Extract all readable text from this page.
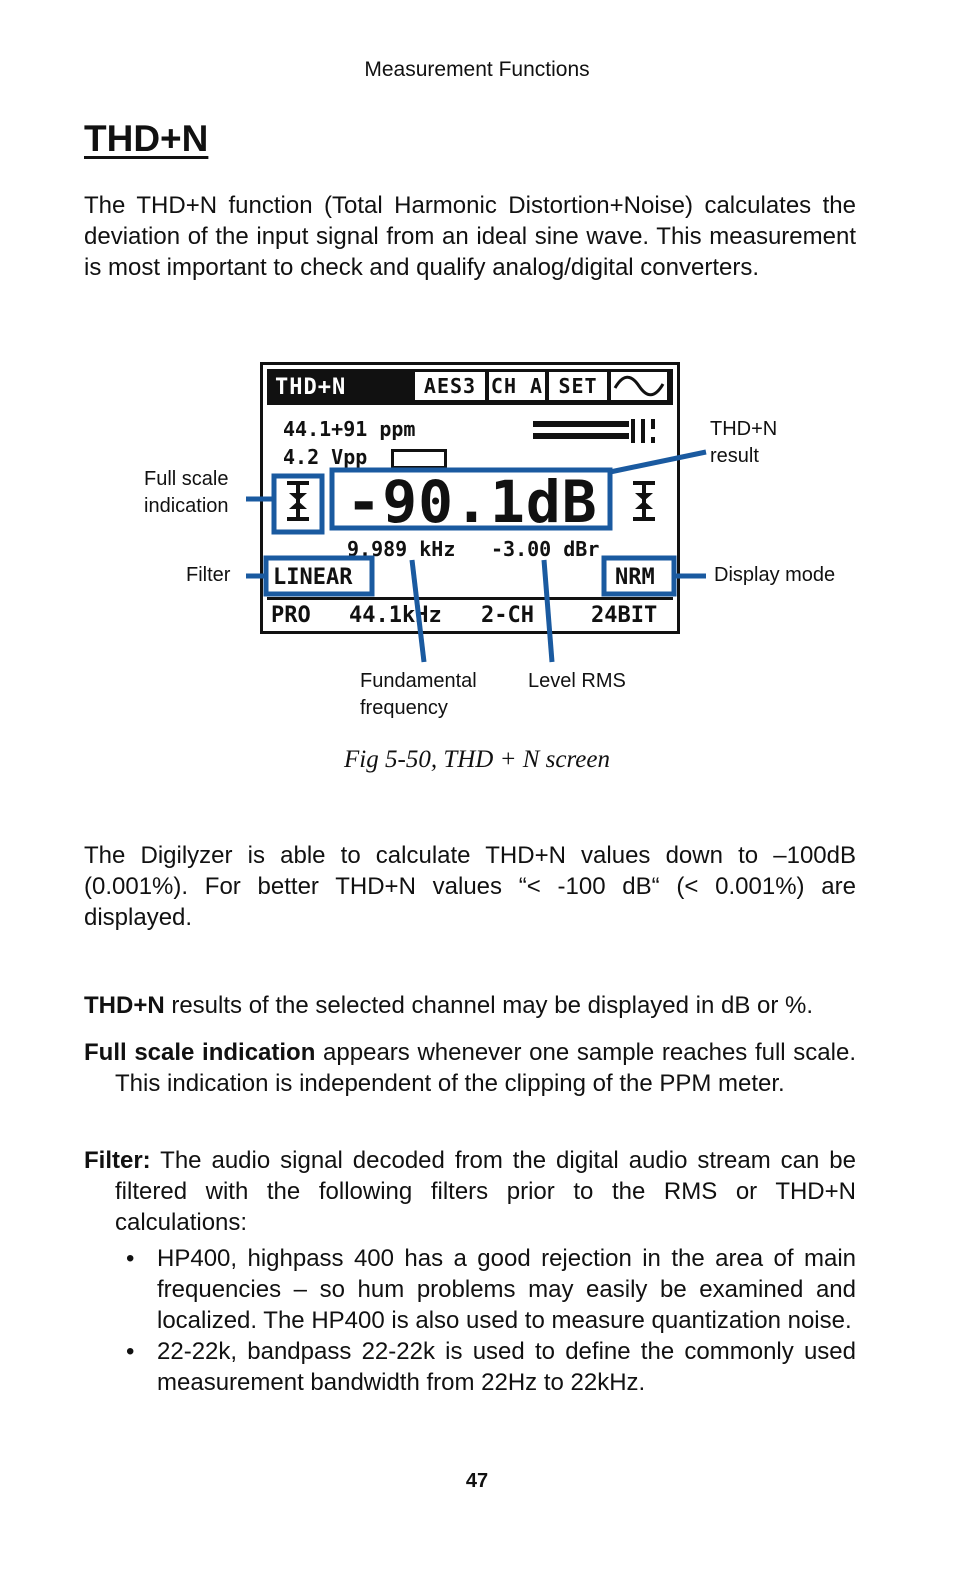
Measurement Functions
THD+N

The THD+N function (Total Harmonic Distortion+Noise) calculates the deviation of the input signal from an ideal sine wave. This measurement is most important to check and qualify analog/digital converters.

THD+N	AES3 CH A SET
44.1+91 ppm
4.2 Vpp
-90.1dB
9.989 kHz -3.00 dBr
LINEAR	NRM
PRO 44.1kHz 2-CH	24BIT
Full scale
indication
Filter
THD+N
result
Display mode
Fundamental
frequency
Level RMS
Fig 5-50, THD + N screen

The Digilyzer is able to calculate THD+N values down to –100dB (0.001%). For better THD+N values “< -100 dB“ (< 0.001%) are displayed.

THD+N results of the selected channel may be displayed in dB or %.

Full scale indication appears whenever one sample reaches full scale. This indication is independent of the clipping of the PPM meter.

Filter: The audio signal decoded from the digital audio stream can be filtered with the following filters prior to the RMS or THD+N calculations:

• HP400, highpass 400 has a good rejection in the area of main frequencies – so hum problems may easily be examined and localized. The HP400 is also used to measure quantization noise.
• 22-22k, bandpass 22-22k is used to define the commonly used measurement bandwidth from 22Hz to 22kHz.
47
